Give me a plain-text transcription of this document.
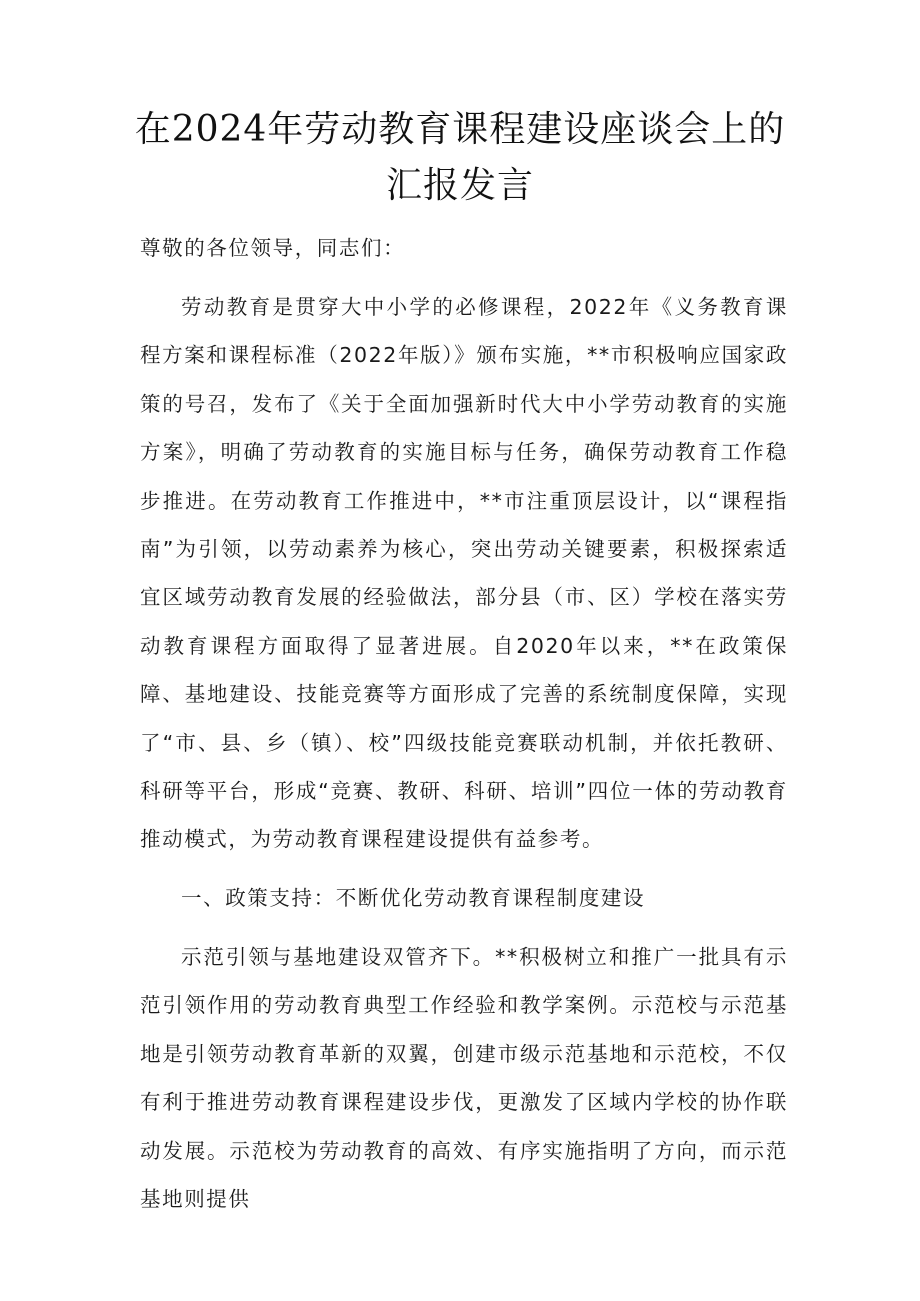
在2024年劳动教育课程建设座谈会上的汇报发言

尊敬的各位领导，同志们：

劳动教育是贯穿大中小学的必修课程，2022年《义务教育课程方案和课程标准（2022年版）》颁布实施，**市积极响应国家政策的号召，发布了《关于全面加强新时代大中小学劳动教育的实施方案》，明确了劳动教育的实施目标与任务，确保劳动教育工作稳步推进。在劳动教育工作推进中，**市注重顶层设计，以“课程指南”为引领，以劳动素养为核心，突出劳动关键要素，积极探索适宜区域劳动教育发展的经验做法，部分县（市、区）学校在落实劳动教育课程方面取得了显著进展。自2020年以来，**在政策保障、基地建设、技能竞赛等方面形成了完善的系统制度保障，实现了“市、县、乡（镇）、校”四级技能竞赛联动机制，并依托教研、科研等平台，形成“竞赛、教研、科研、培训”四位一体的劳动教育推动模式，为劳动教育课程建设提供有益参考。

一、政策支持：不断优化劳动教育课程制度建设

示范引领与基地建设双管齐下。**积极树立和推广一批具有示范引领作用的劳动教育典型工作经验和教学案例。示范校与示范基地是引领劳动教育革新的双翼，创建市级示范基地和示范校，不仅有利于推进劳动教育课程建设步伐，更激发了区域内学校的协作联动发展。示范校为劳动教育的高效、有序实施指明了方向，而示范基地则提供
